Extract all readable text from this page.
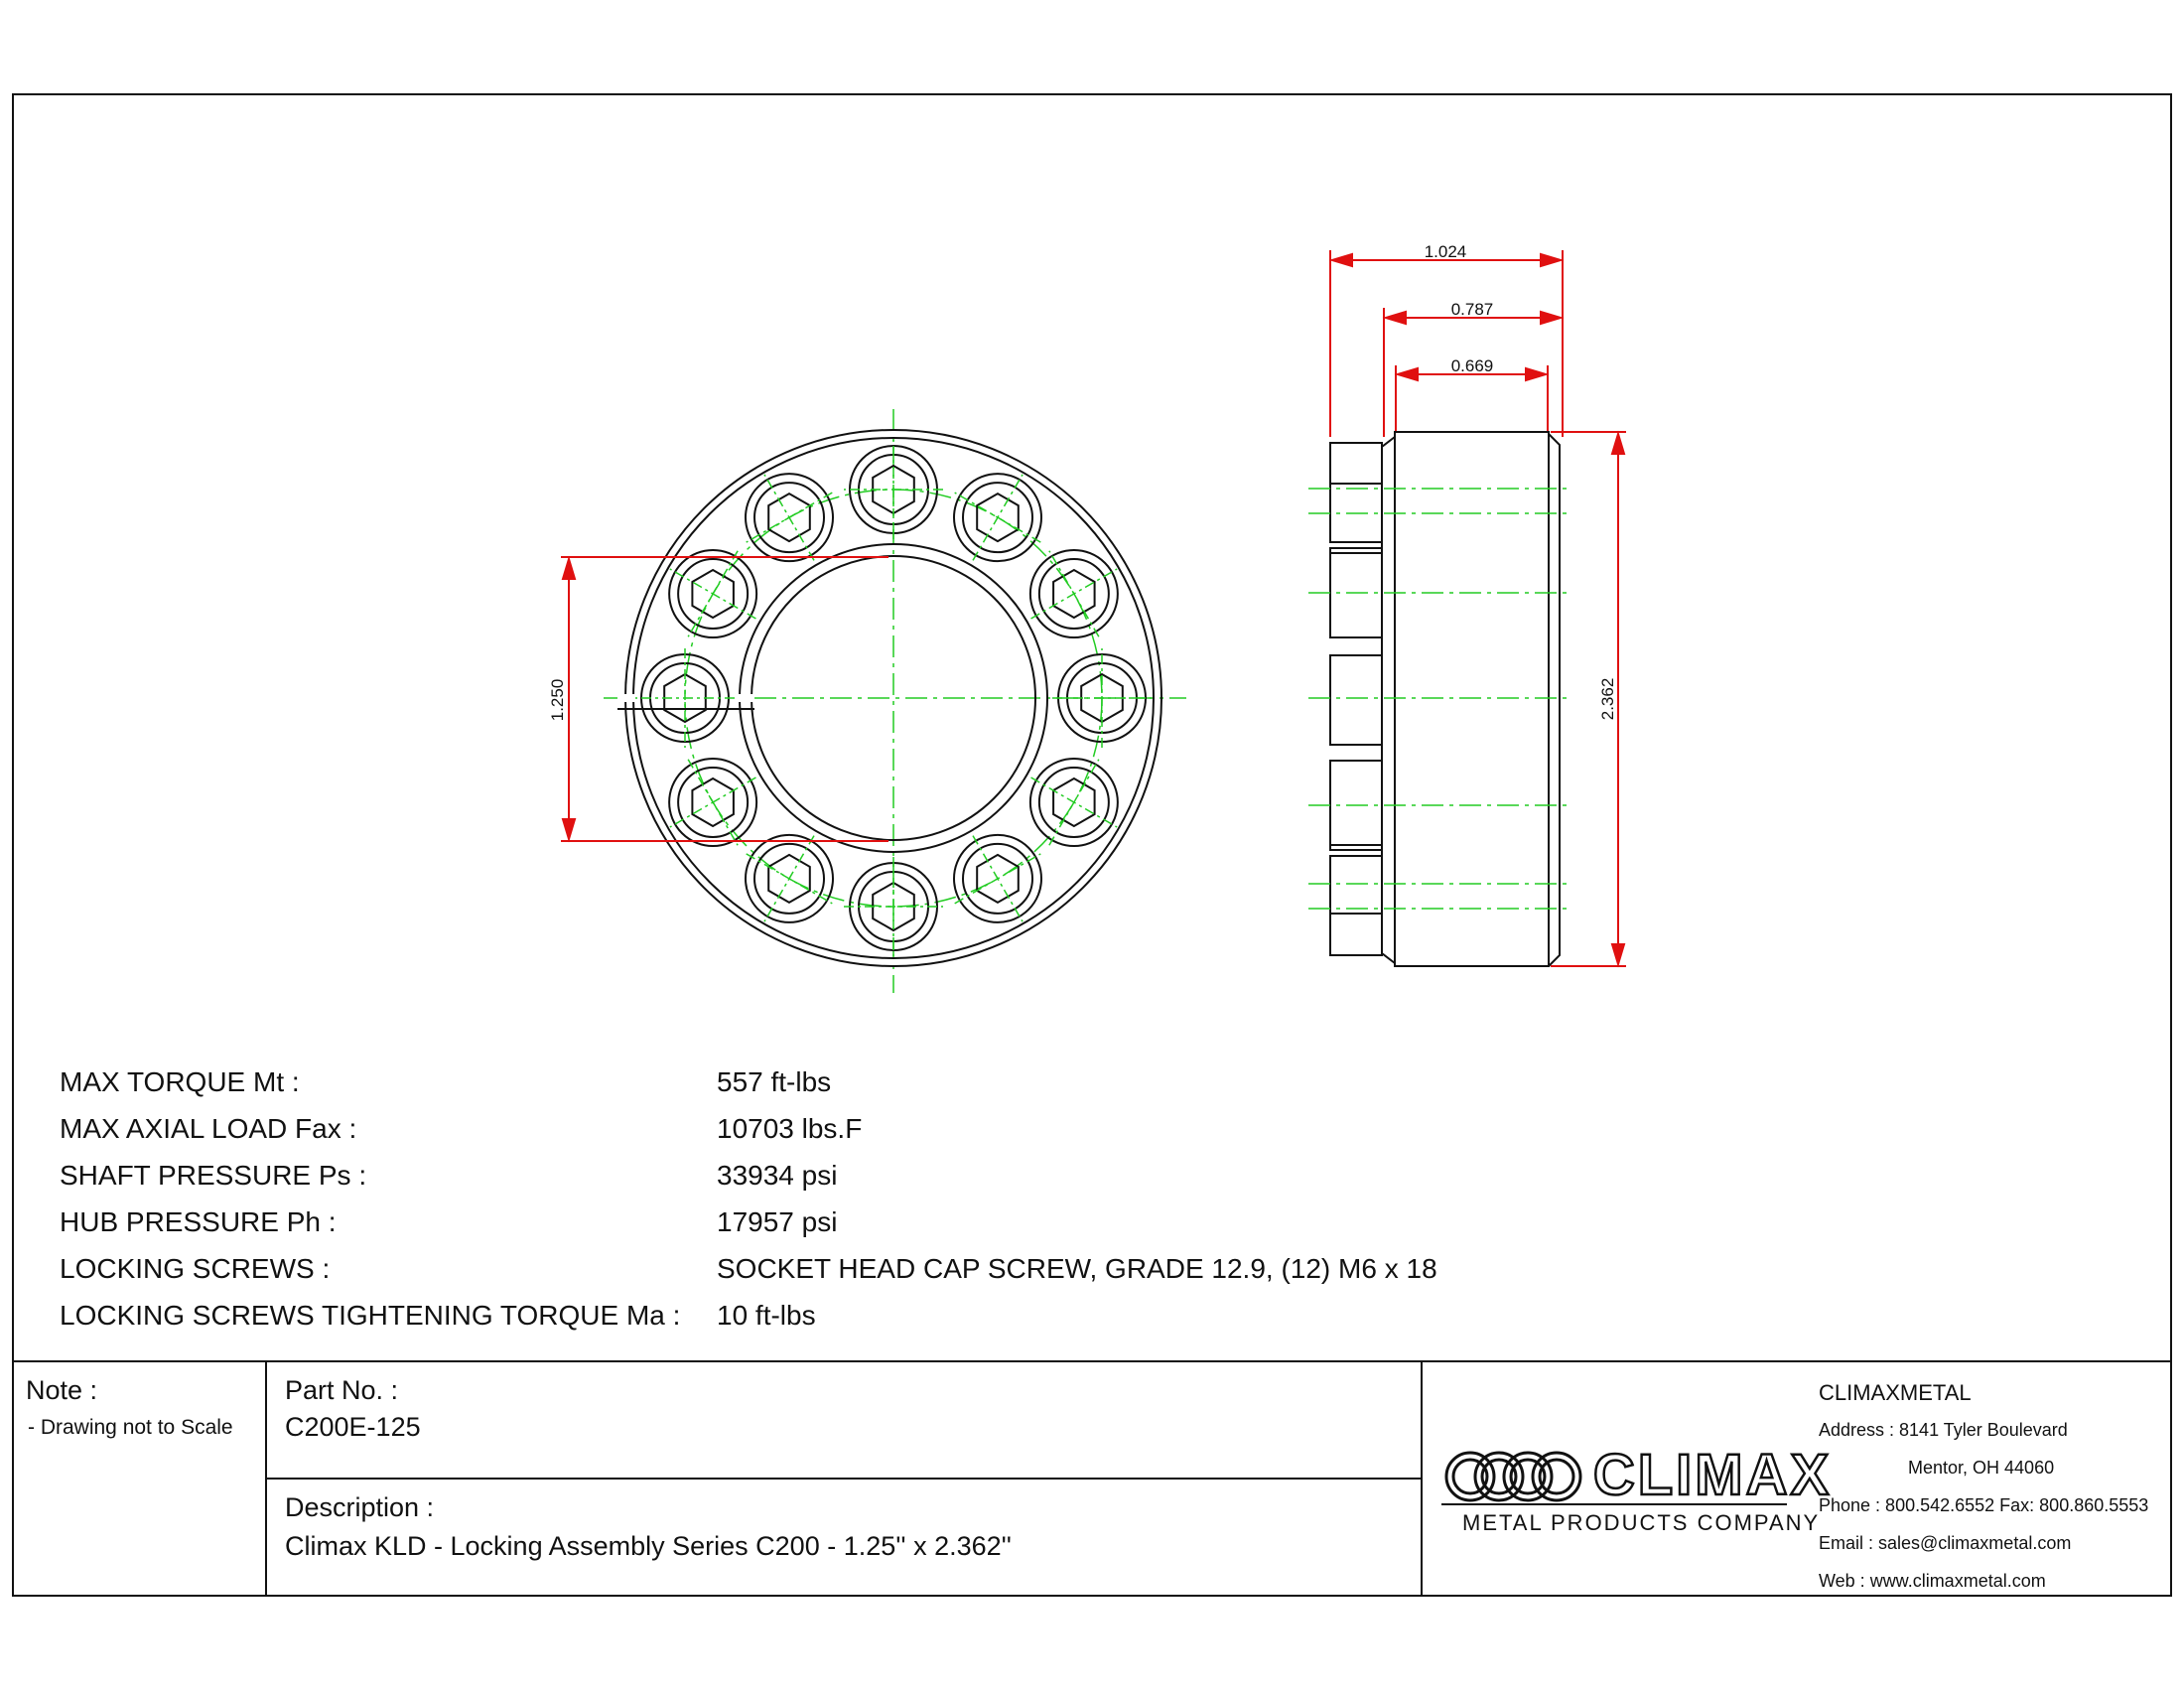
1.250
1.024
0.787
0.669
2.362
CLIMAX
MAX TORQUE Mt :	557 ft-lbs
MAX AXIAL LOAD Fax :	10703 lbs.F
SHAFT PRESSURE Ps :	33934 psi
HUB PRESSURE Ph :	17957 psi
LOCKING SCREWS :	SOCKET HEAD CAP SCREW, GRADE 12.9, (12) M6 x 18
LOCKING SCREWS TIGHTENING TORQUE Ma : 10 ft-lbs
Note :
- Drawing not to Scale
Part No. :
C200E-125
Description :
Climax KLD - Locking Assembly Series C200 - 1.25'' x 2.362''
METAL PRODUCTS COMPANY
CLIMAXMETAL
Address : 8141 Tyler Boulevard
Mentor, OH 44060
Phone : 800.542.6552 Fax: 800.860.5553
Email : sales@climaxmetal.com
Web : www.climaxmetal.com
